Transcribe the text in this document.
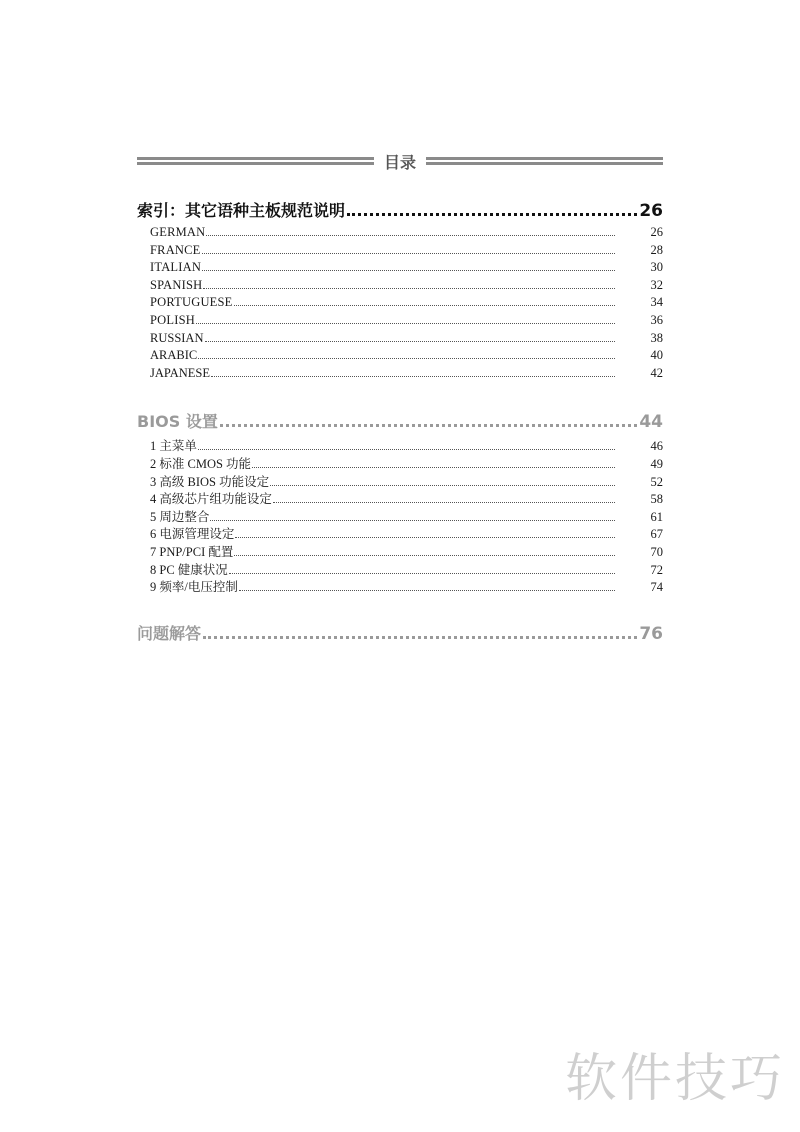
目录
索引：其它语种主板规范说明	26
GERMAN	26
FRANCE	28
ITALIAN	30
SPANISH	32
PORTUGUESE	34
POLISH	36
RUSSIAN	38
ARABIC	40
JAPANESE	42
BIOS 设置	44
1 主菜单	46
2 标准 CMOS 功能	49
3 高级 BIOS 功能设定	52
4 高级芯片组功能设定	58
5 周边整合	61
6 电源管理设定	67
7 PNP/PCI 配置	70
8 PC 健康状况	72
9 频率/电压控制	74
问题解答	76
软件技巧
